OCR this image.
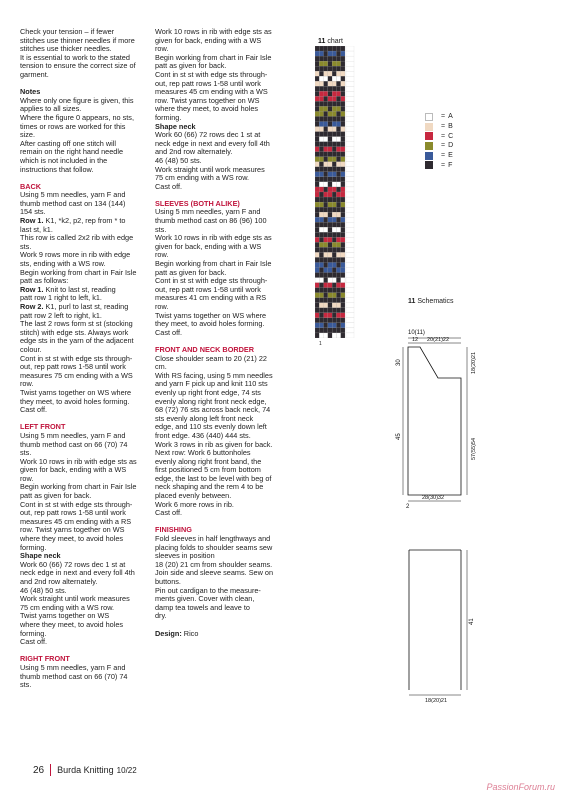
Check your tension – if fewer

stitches use thinner needles if more

stitches use thicker needles.

It is essential to work to the stated

tension to ensure the correct size of

garment.

Notes

Where only one figure is given, this

applies to all sizes.

Where the figure 0 appears, no sts,

times or rows are worked for this

size.

After casting off one stitch will

remain on the right hand needle

which is not included in the

instructions that follow.

BACK

Using 5 mm needles, yarn F and

thumb method cast on 134 (144)

154 sts.

Row 1. K1, *k2, p2, rep from * to

last st, k1.

This row is called 2x2 rib with edge

sts.

Work 9 rows more in rib with edge

sts, ending with a WS row.

Begin working from chart in Fair Isle

patt as follows:

Row 1. Knit to last st, reading

patt row 1 right to left, k1.

Row 2. K1, purl to last st, reading

patt row 2 left to right, k1.

The last 2 rows form st st (stocking

stitch) with edge sts. Always work

edge sts in the yarn of the adjacent

colour.

Cont in st st with edge sts through-

out, rep patt rows 1-58 until work

measures 75 cm ending with a WS

row.

Twist yarns together on WS where

they meet, to avoid holes forming.

Cast off.

LEFT FRONT

Using 5 mm needles, yarn F and

thumb method cast on 66 (70) 74

sts.

Work 10 rows in rib with edge sts as

given for back, ending with a WS

row.

Begin working from chart in Fair Isle

patt as given for back.

Cont in st st with edge sts through-

out, rep patt rows 1-58 until work

measures 45 cm ending with a RS

row. Twist yarns together on WS

where they meet, to avoid holes

forming.

Shape neck

Work 60 (66) 72 rows dec 1 st at

neck edge in next and every foll 4th

and 2nd row alternately.

46 (48) 50 sts.

Work straight until work measures

75 cm ending with a WS row.

Twist yarns together on WS

where they meet, to avoid holes

forming.

Cast off.

RIGHT FRONT

Using 5 mm needles, yarn F and

thumb method cast on 66 (70) 74

sts.

Work 10 rows in rib with edge sts as

given for back, ending with a WS

row.

Begin working from chart in Fair Isle

patt as given for back.

Cont in st st with edge sts through-

out, rep patt rows 1-58 until work

measures 45 cm ending with a WS

row. Twist yarns together on WS

where they meet, to avoid holes

forming.

Shape neck

Work 60 (66) 72 rows dec 1 st at

neck edge in next and every foll 4th

and 2nd row alternately.

46 (48) 50 sts.

Work straight until work measures

75 cm ending with a WS row.

Cast off.

SLEEVES (BOTH ALIKE)

Using 5 mm needles, yarn F and

thumb method cast on 86 (96) 100

sts.

Work 10 rows in rib with edge sts as

given for back, ending with a WS

row.

Begin working from chart in Fair Isle

patt as given for back.

Cont in st st with edge sts through-

out, rep patt rows 1-58 until work

measures 41 cm ending with a RS

row.

Twist yarns together on WS where

they meet, to avoid holes forming.

Cast off.

FRONT AND NECK BORDER

Close shoulder seam to 20 (21) 22

cm.

With RS facing, using 5 mm needles

and yarn F pick up and knit 110 sts

evenly up right front edge, 74 sts

evenly along right front neck edge,

68 (72) 76 sts across back neck, 74

sts evenly along left front neck

edge, and 110 sts evenly down left

front edge. 436 (440) 444 sts.

Work 3 rows in rib as given for back.

Next row: Work 6 buttonholes

evenly along right front band, the

first positioned 5 cm from bottom

edge, the last to be level with beg of

neck shaping and the rem 4 to be

placed evenly between.

Work 6 more rows in rib.

Cast off.

FINISHING

Fold sleeves in half lengthways and

placing folds to shoulder seams sew

sleeves in position

18 (20) 21 cm from shoulder seams.

Join side and sleeve seams. Sew on

buttons.

Pin out cardigan to the measure-

ments given. Cover with clean,

damp tea towels and leave to

dry.

Design: Rico

11 chart
1
= A
= B
= C
= D
= E
= F
11 Schematics
10(11)
12 20(21)22
30
45
18(20)21
57(55)54
2
28(30)32
41
18(20)21
26 Burda Knitting 10/22
PassionForum.ru
